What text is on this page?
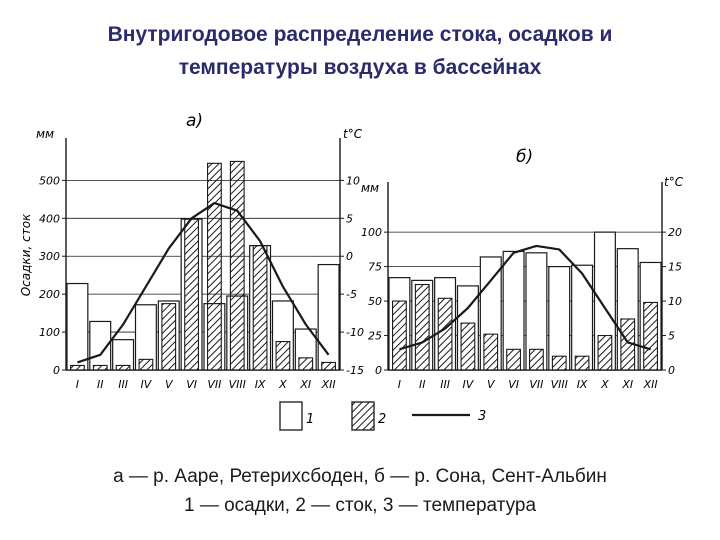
Внутригодовое распределение стока, осадков и
температуры воздуха в бассейнах
0
100
200
300
400
500
-15
-10
-5
0
5
10
I II III IV V VI VII VIII IX X XI XII
а)
мм	t°C
Осадки, сток
0
25
50
75
100
0
5
10
15
20
I II III IV V VI VII VIII IX X XI XII
б)
мм	t°C
1	2	3
а — р. Ааре, Ретерихсбоден, б — р. Сона, Сент-Альбин
1 — осадки, 2 — сток, 3 — температура
